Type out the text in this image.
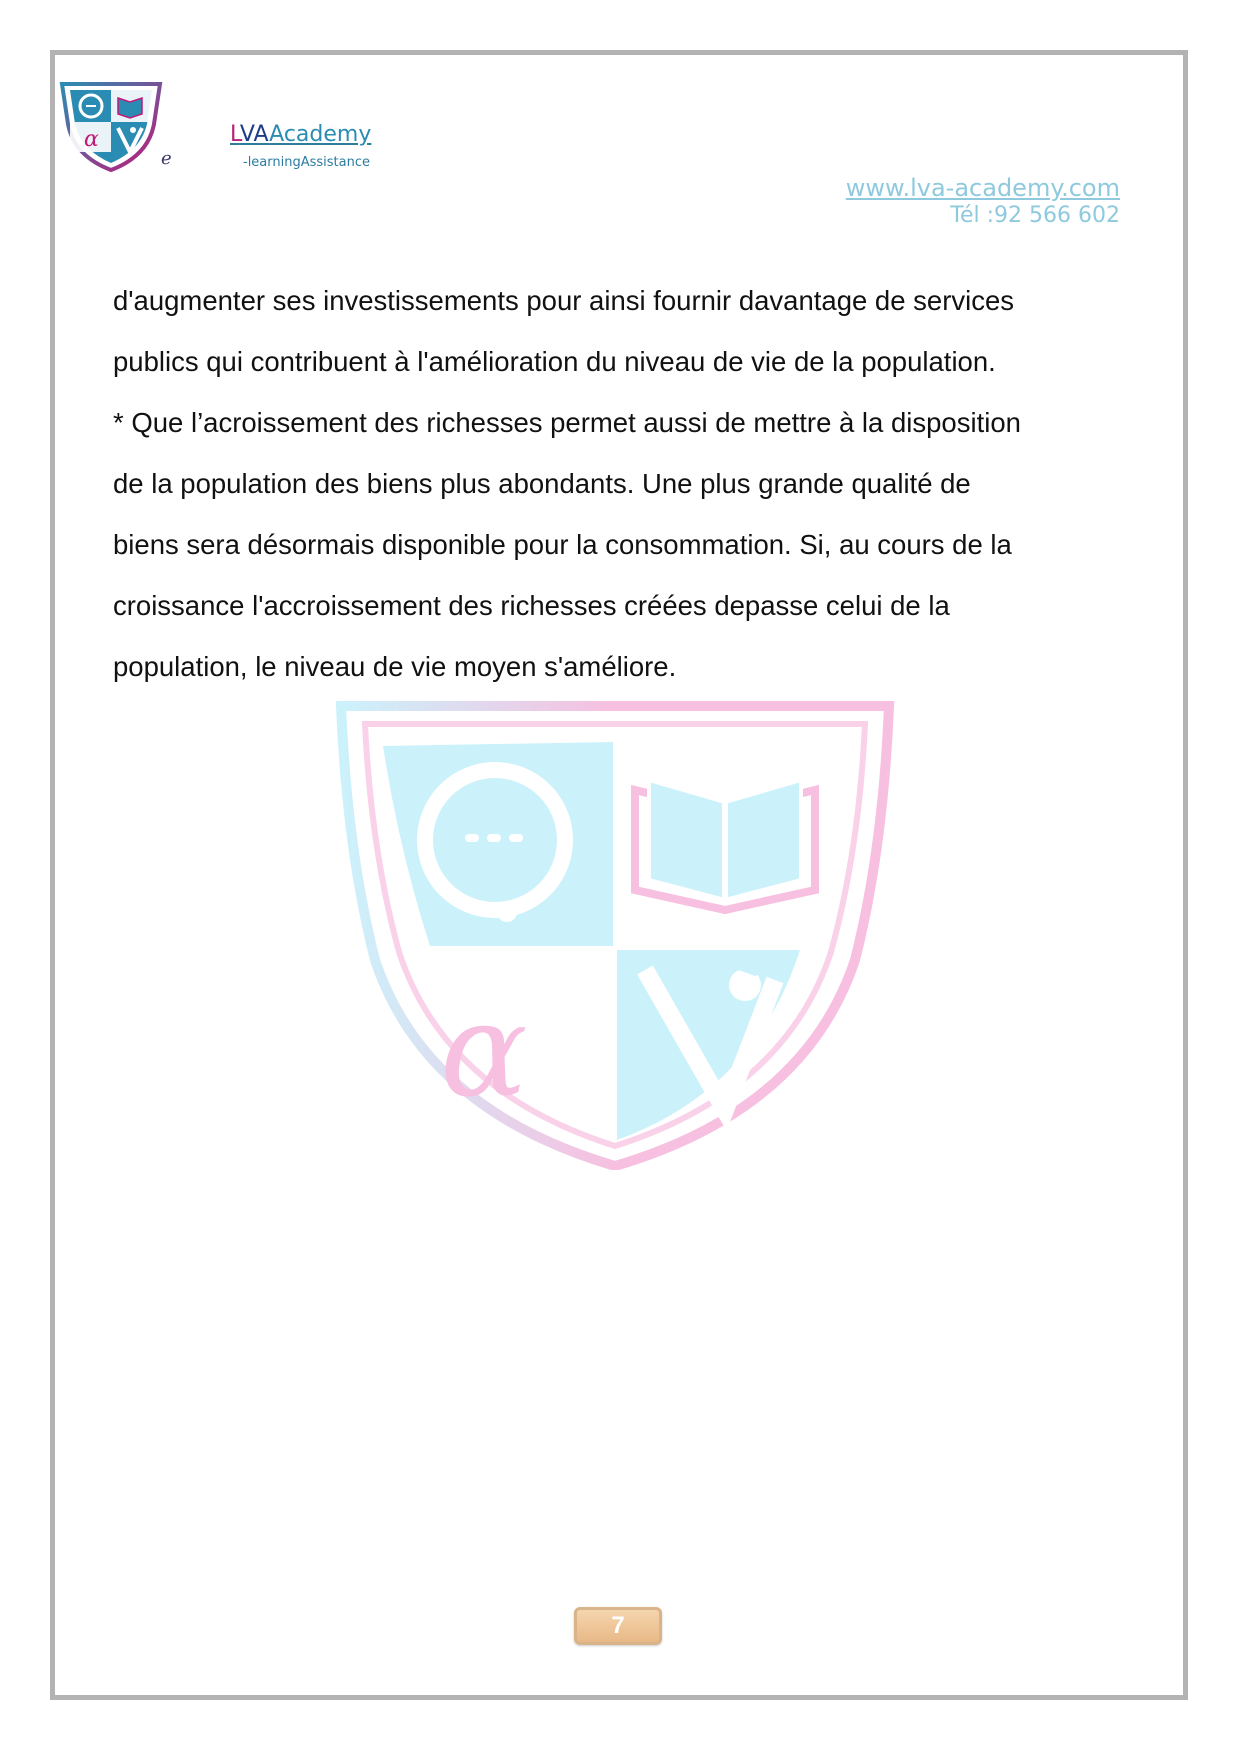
α
e
LVAAcademy
-learningAssistance
www.lva-academy.com
Tél :92 566 602
α

d'augmenter ses investissements pour ainsi fournir davantage de services

publics qui contribuent à l'amélioration du niveau de vie de la population.

* Que l’acroissement des richesses permet aussi de mettre à la disposition

de la population des biens plus abondants. Une plus grande qualité de

biens sera désormais disponible pour la consommation. Si, au cours de la

croissance l'accroissement des richesses créées depasse celui de la

population, le niveau de vie moyen s'améliore.

7
